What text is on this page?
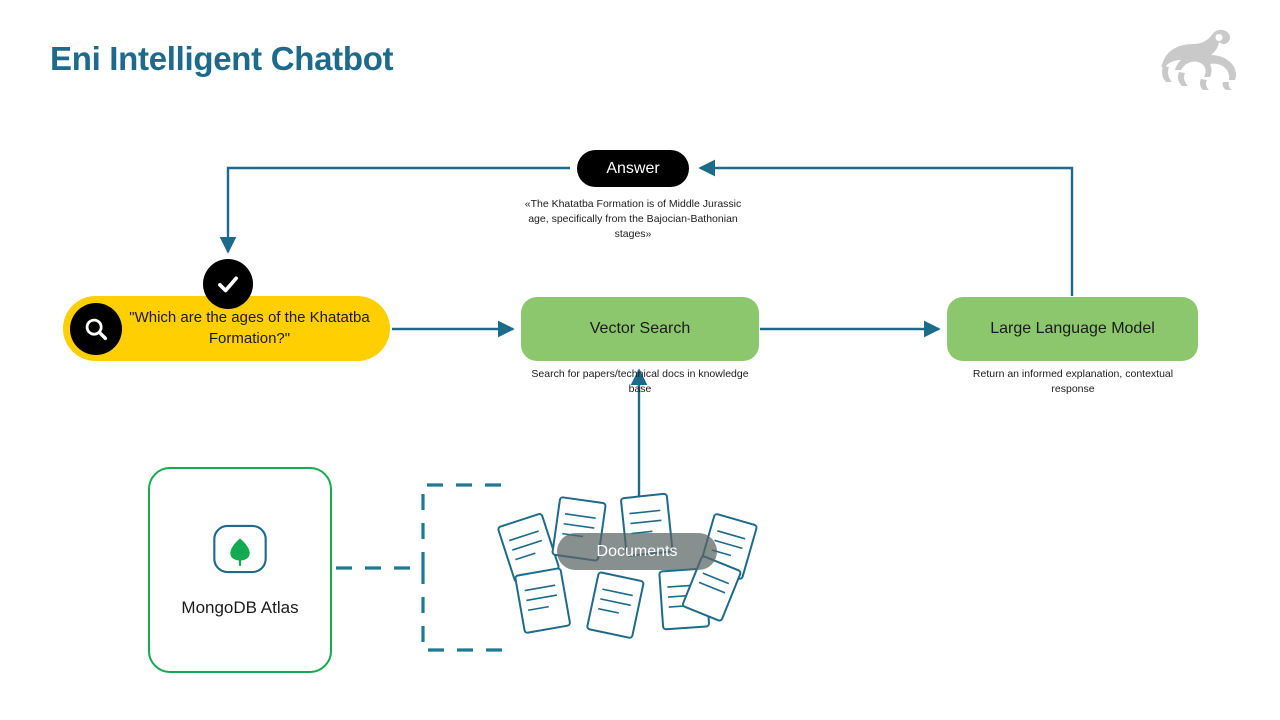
Eni Intelligent Chatbot
"Which are the ages of the Khatatba Formation?"
Vector Search
Search for papers/technical docs in knowledge base
Large Language Model
Return an informed explanation, contextual response
Answer
«The Khatatba Formation is of Middle Jurassic age, specifically from the Bajocian-Bathonian stages»
MongoDB Atlas
Documents
